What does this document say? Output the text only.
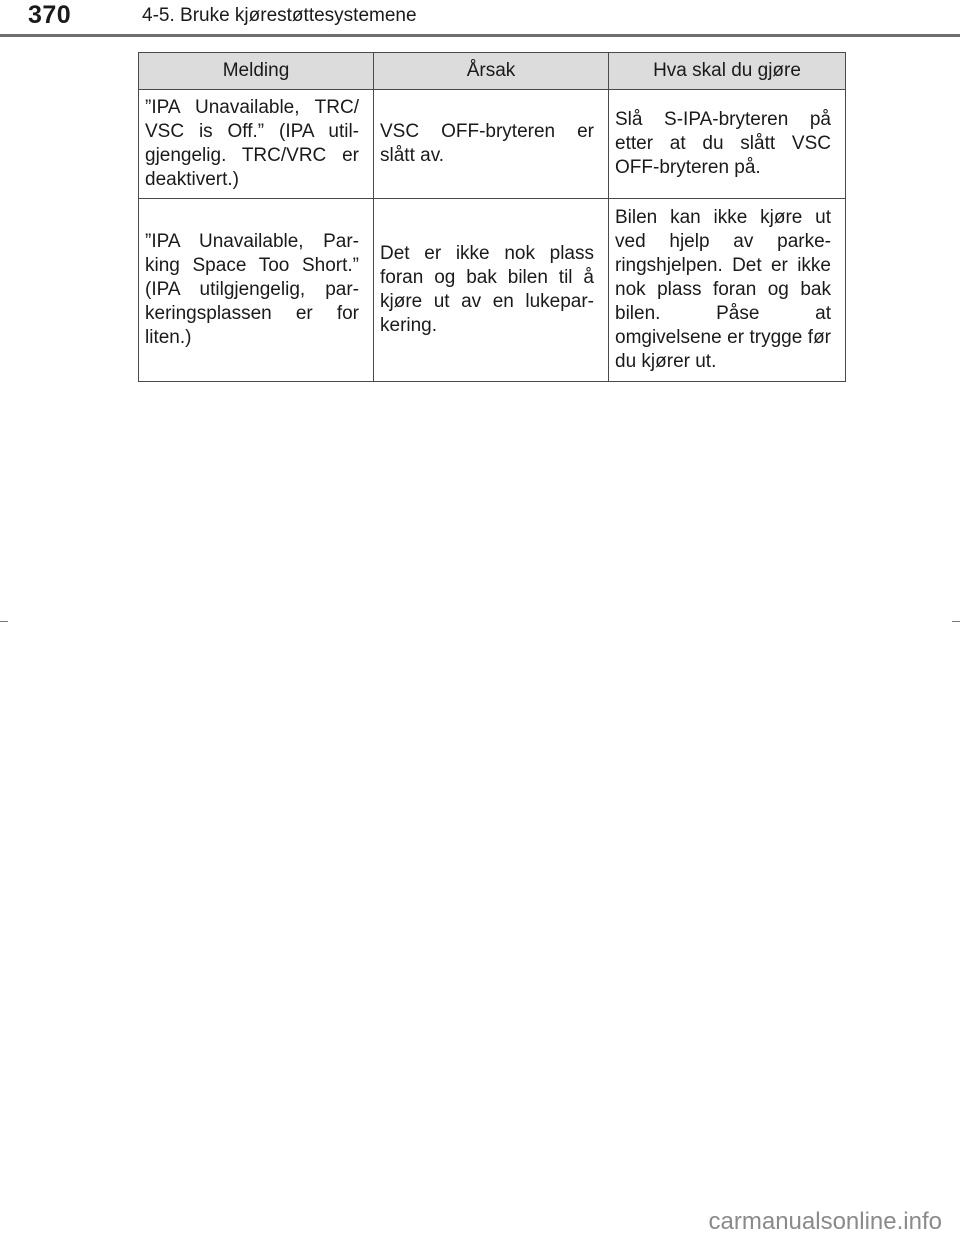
370	4-5. Bruke kjørestøttesystemene
Melding	Årsak	Hva skal du gjøre
”IPA Unavailable, TRC/ VSC is Off.” (IPA util- gjengelig. TRC/VRC er deaktivert.)	VSC OFF-bryteren er slått av.	Slå S-IPA-bryteren på etter at du slått VSC OFF-bryteren på.
”IPA Unavailable, Par- king Space Too Short.” (IPA utilgjengelig, par- keringsplassen er for liten.)	Det er ikke nok plass foran og bak bilen til å kjøre ut av en lukepar- kering.	Bilen kan ikke kjøre ut ved hjelp av parke- ringshjelpen. Det er ikke nok plass foran og bak bilen. Påse at omgivelsene er trygge før du kjører ut.
carmanualsonline.info
